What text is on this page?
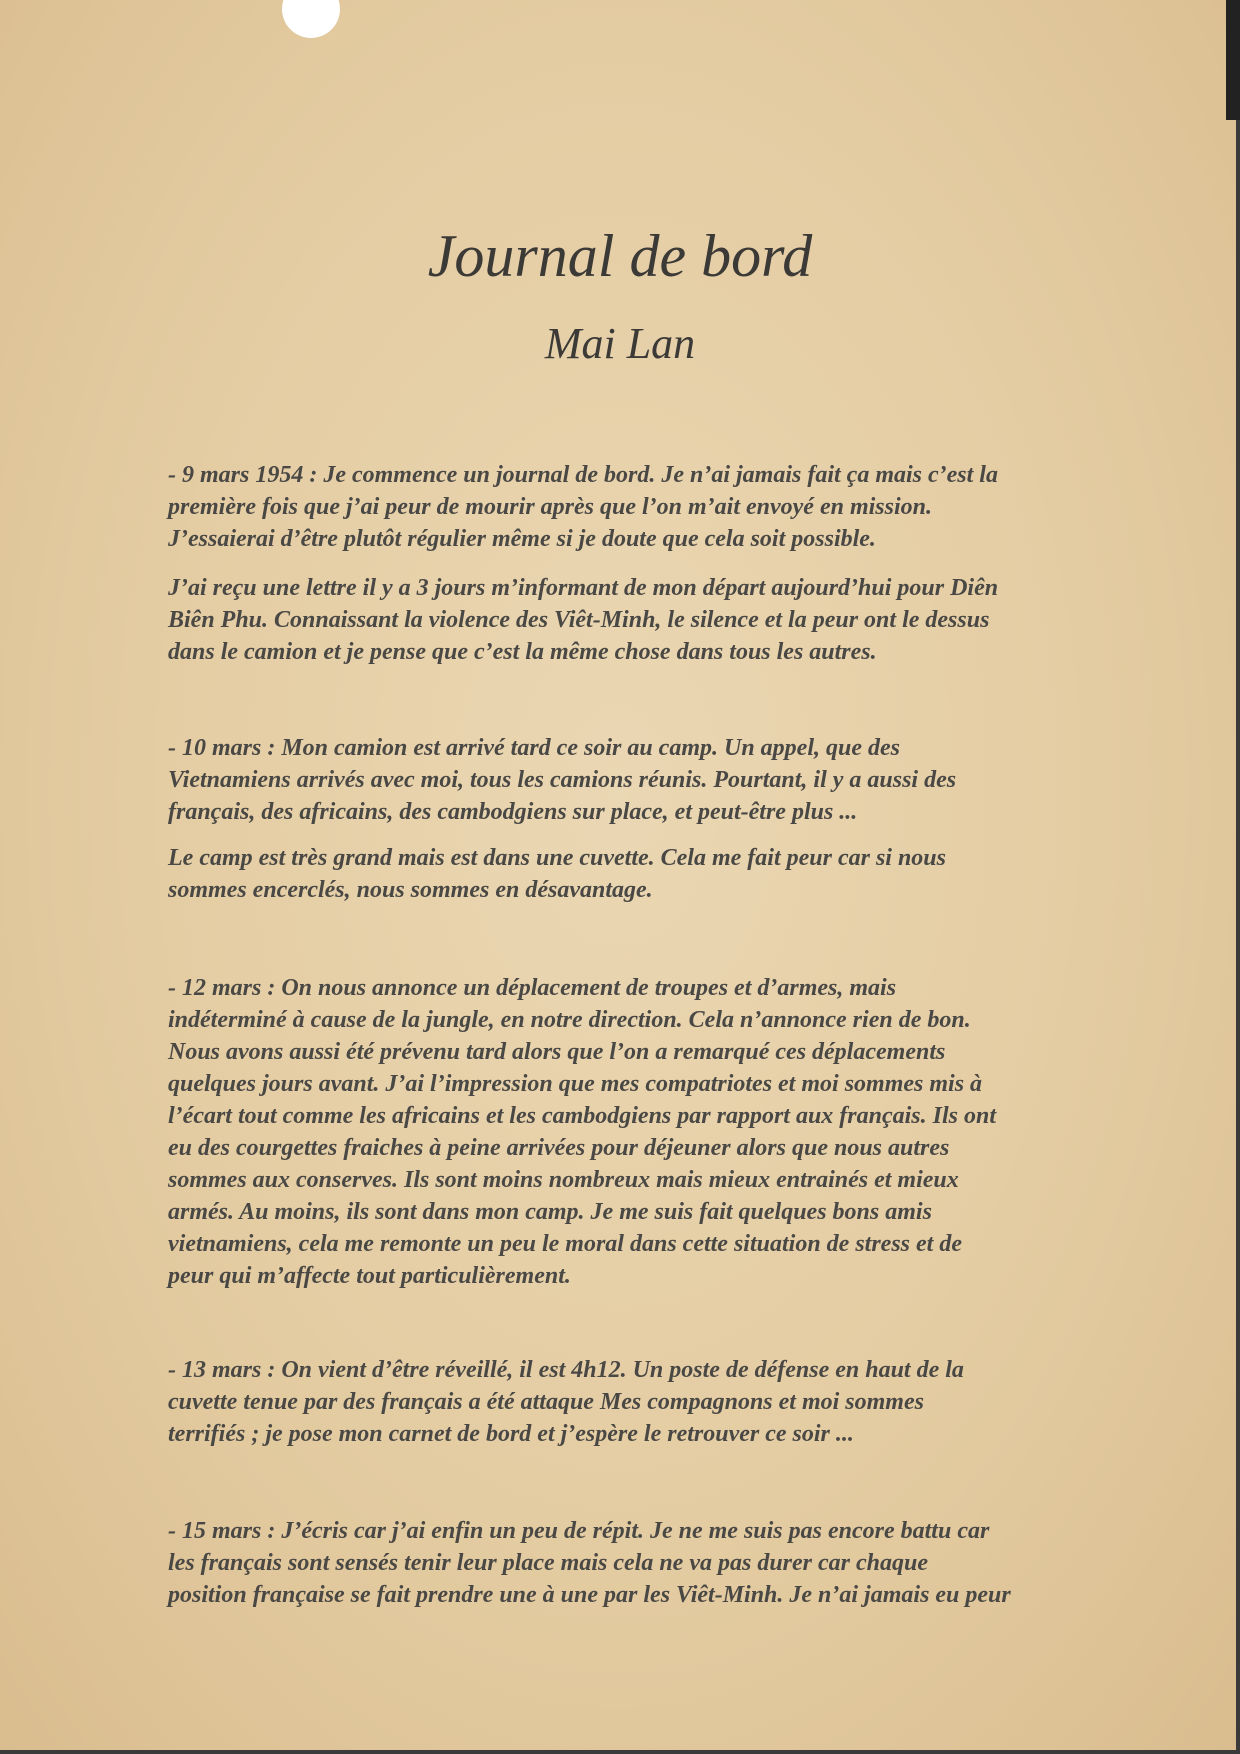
Journal de bord
Mai Lan
- 9 mars 1954 : Je commence un journal de bord. Je n’ai jamais fait ça mais c’est la
première fois que j’ai peur de mourir après que l’on m’ait envoyé en mission.
J’essaierai d’être plutôt régulier même si je doute que cela soit possible.
J’ai reçu une lettre il y a 3 jours m’informant de mon départ aujourd’hui pour Diên
Biên Phu. Connaissant la violence des Viêt-Minh, le silence et la peur ont le dessus
dans le camion et je pense que c’est la même chose dans tous les autres.
- 10 mars : Mon camion est arrivé tard ce soir au camp. Un appel, que des
Vietnamiens arrivés avec moi, tous les camions réunis. Pourtant, il y a aussi des
français, des africains, des cambodgiens sur place, et peut-être plus ...
Le camp est très grand mais est dans une cuvette. Cela me fait peur car si nous
sommes encerclés, nous sommes en désavantage.
- 12 mars : On nous annonce un déplacement de troupes et d’armes, mais
indéterminé à cause de la jungle, en notre direction. Cela n’annonce rien de bon.
Nous avons aussi été prévenu tard alors que l’on a remarqué ces déplacements
quelques jours avant. J’ai l’impression que mes compatriotes et moi sommes mis à
l’écart tout comme les africains et les cambodgiens par rapport aux français. Ils ont
eu des courgettes fraiches à peine arrivées pour déjeuner alors que nous autres
sommes aux conserves. Ils sont moins nombreux mais mieux entrainés et mieux
armés. Au moins, ils sont dans mon camp. Je me suis fait quelques bons amis
vietnamiens, cela me remonte un peu le moral dans cette situation de stress et de
peur qui m’affecte tout particulièrement.
- 13 mars : On vient d’être réveillé, il est 4h12. Un poste de défense en haut de la
cuvette tenue par des français a été attaque Mes compagnons et moi sommes
terrifiés ; je pose mon carnet de bord et j’espère le retrouver ce soir ...
- 15 mars : J’écris car j’ai enfin un peu de répit. Je ne me suis pas encore battu car
les français sont sensés tenir leur place mais cela ne va pas durer car chaque
position française se fait prendre une à une par les Viêt-Minh. Je n’ai jamais eu peur
